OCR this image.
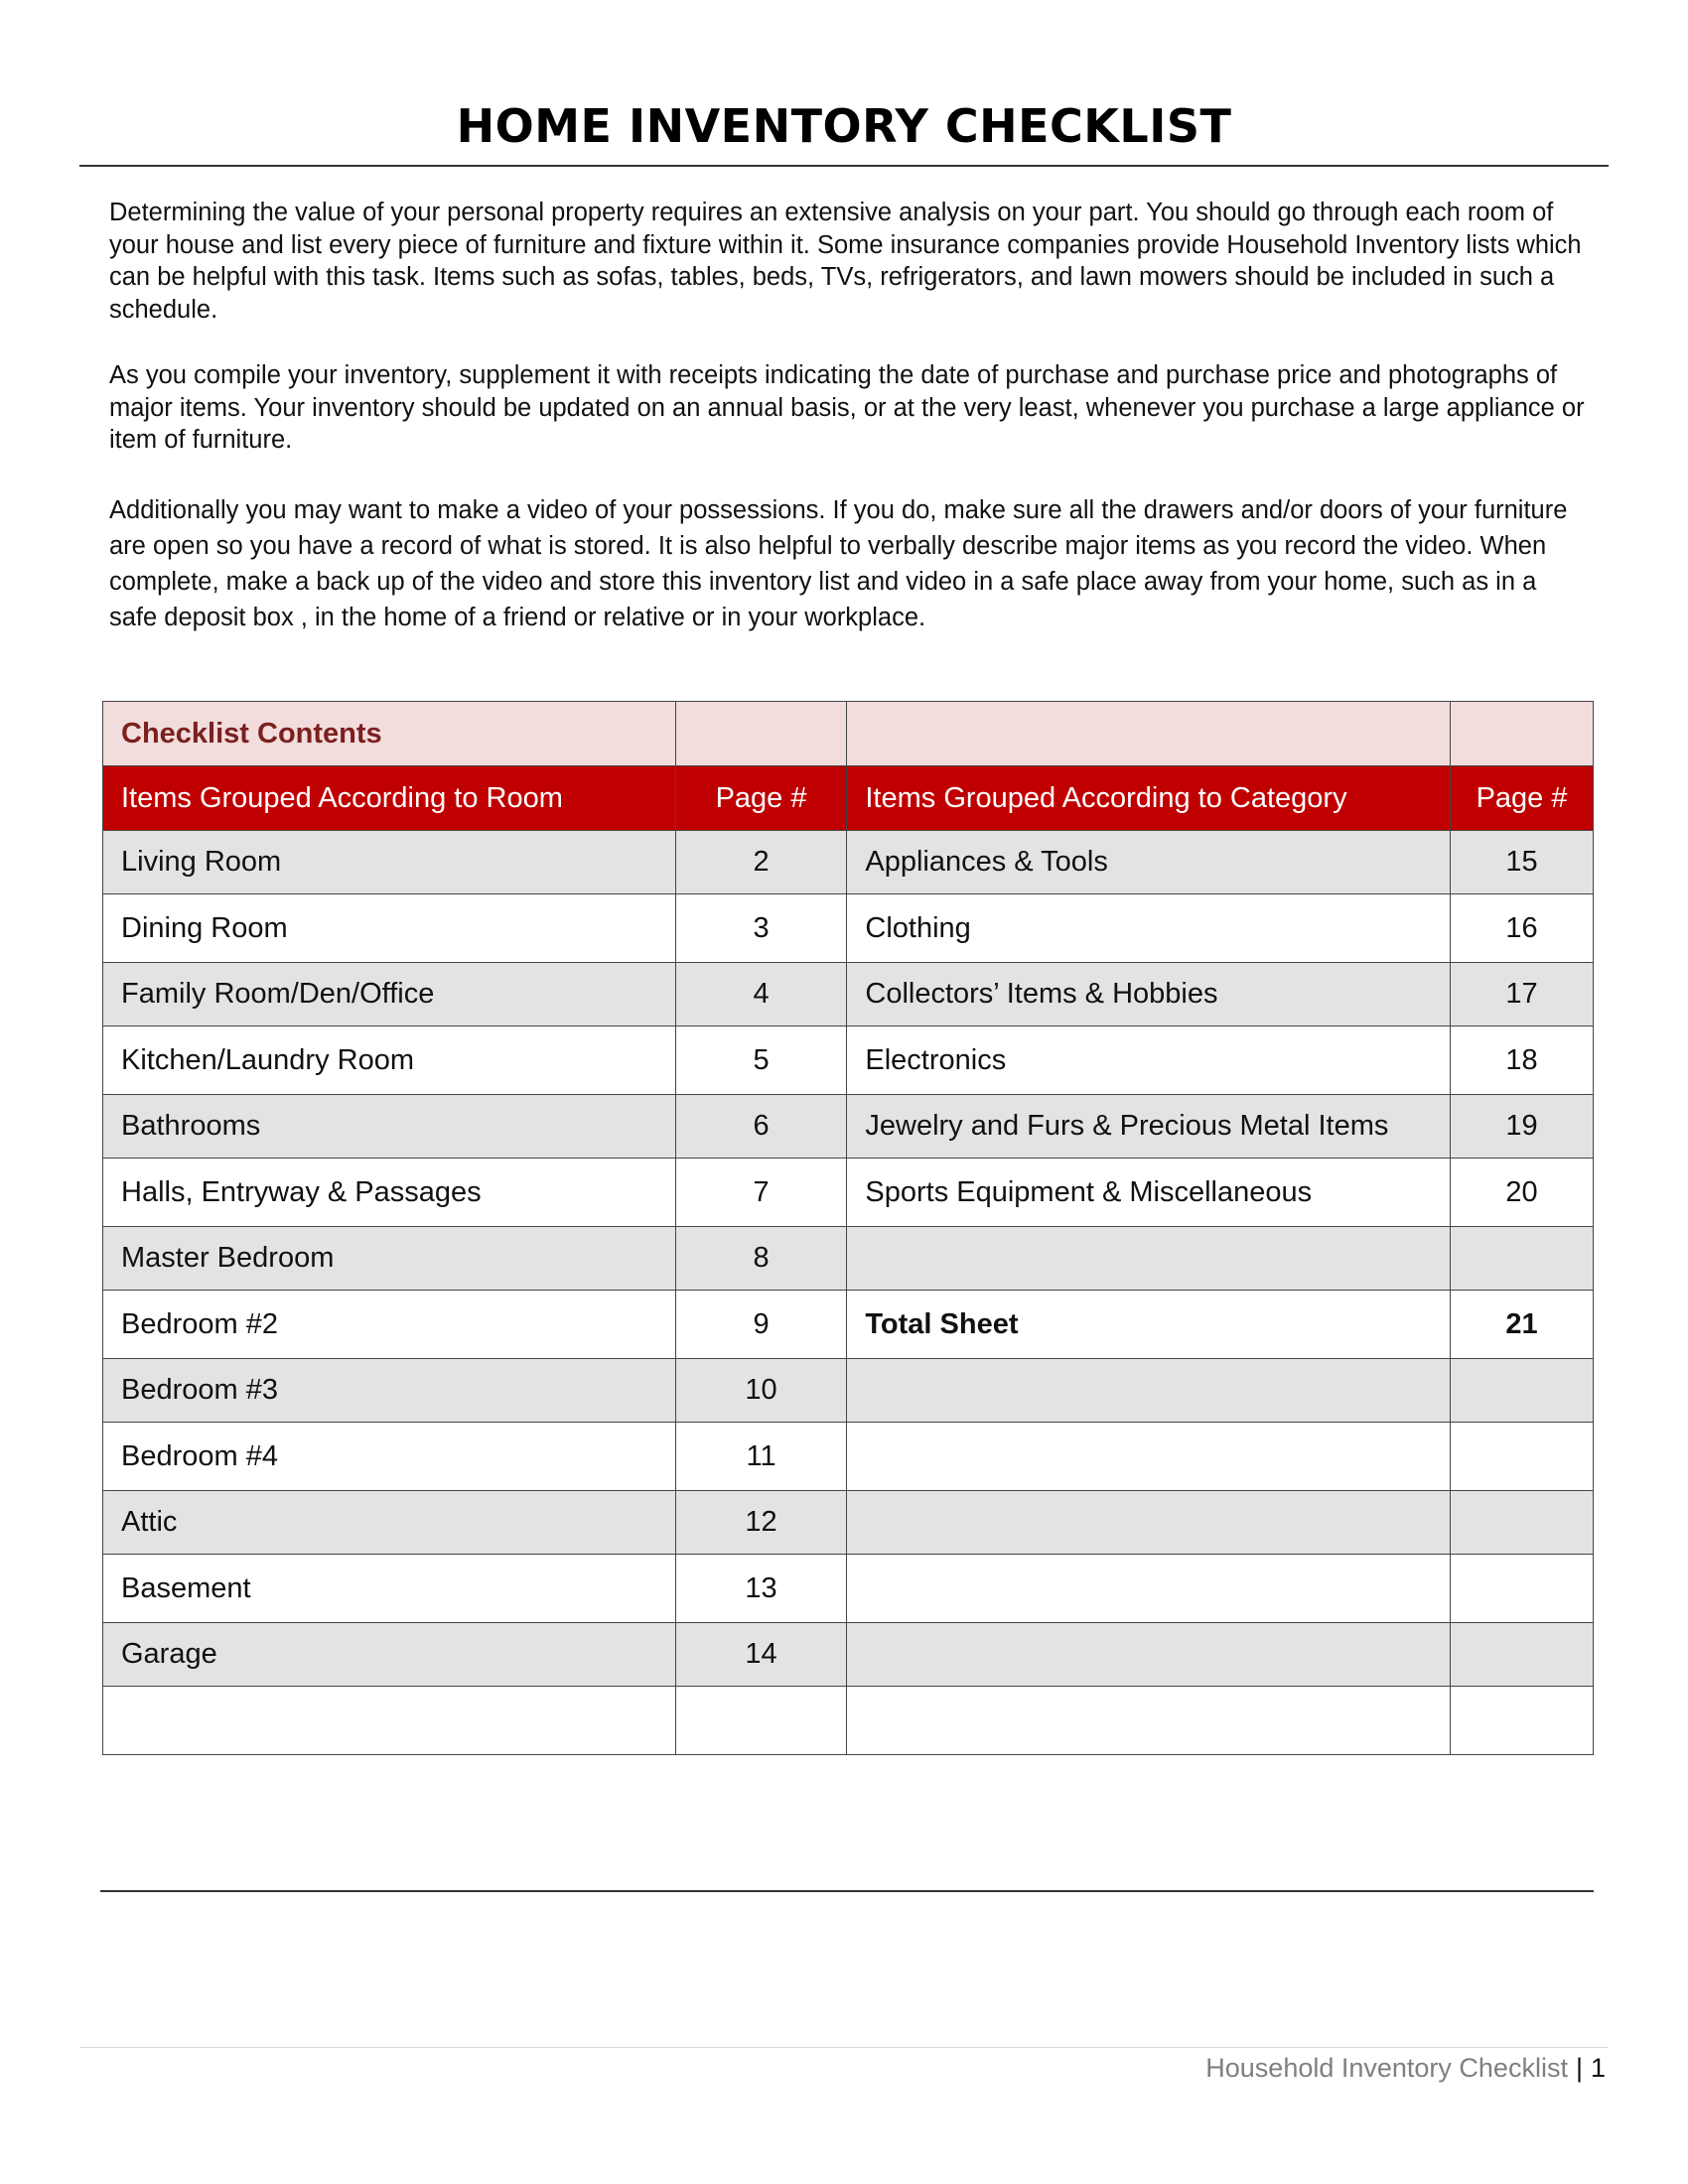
HOME INVENTORY CHECKLIST

Determining the value of your personal property requires an extensive analysis on your part. You should go through each room of your house and list every piece of furniture and fixture within it. Some insurance companies provide Household Inventory lists which can be helpful with this task. Items such as sofas, tables, beds, TVs, refrigerators, and lawn mowers should be included in such a schedule.

As you compile your inventory, supplement it with receipts indicating the date of purchase and purchase price and photographs of major items. Your inventory should be updated on an annual basis, or at the very least, whenever you purchase a large appliance or item of furniture.

Additionally you may want to make a video of your possessions. If you do, make sure all the drawers and/or doors of your furniture are open so you have a record of what is stored. It is also helpful to verbally describe major items as you record the video. When complete, make a back up of the video and store this inventory list and video in a safe place away from your home, such as in a safe deposit box , in the home of a friend or relative or in your workplace.

Checklist Contents			
Items Grouped According to Room	Page #	Items Grouped According to Category	Page #
Living Room	2	Appliances & Tools	15
Dining Room	3	Clothing	16
Family Room/Den/Office	4	Collectors’ Items & Hobbies	17
Kitchen/Laundry Room	5	Electronics	18
Bathrooms	6	Jewelry and Furs & Precious Metal Items	19
Halls, Entryway & Passages	7	Sports Equipment & Miscellaneous	20
Master Bedroom	8		
Bedroom #2	9	Total Sheet	21
Bedroom #3	10		
Bedroom #4	11		
Attic	12		
Basement	13		
Garage	14		

Household Inventory Checklist | 1
